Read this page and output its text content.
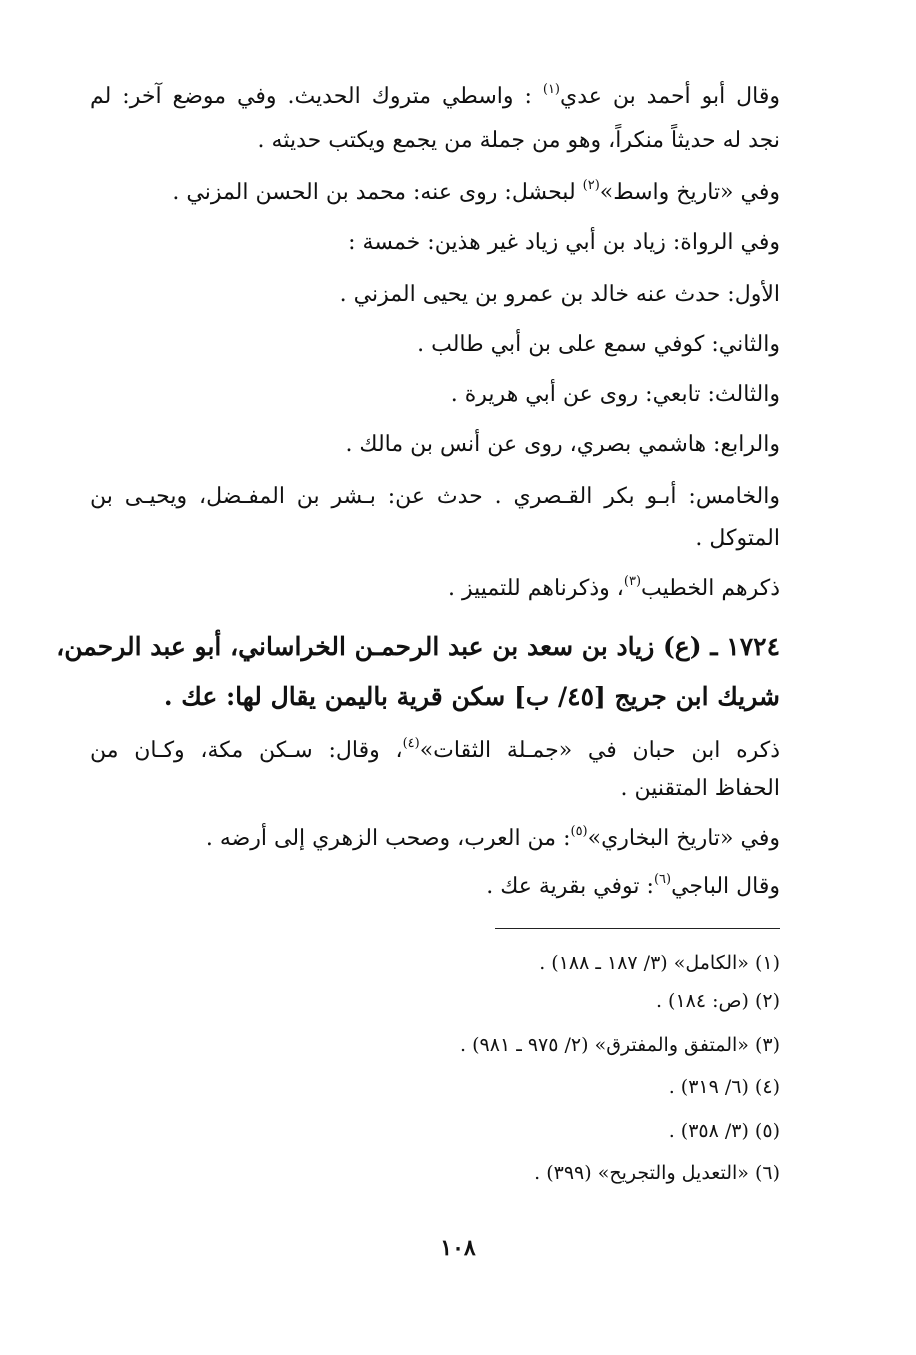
وقال أبو أحمد بن عدي$^{(١)}$ : واسطي متروك الحديث. وفي موضع آخر: لم
نجد له حديثاً منكراً، وهو من جملة من يجمع ويكتب حديثه .
وفي «تاريخ واسط»$^{(٢)}$ لبحشل: روى عنه: محمد بن الحسن المزني .
وفي الرواة: زياد بن أبي زياد غير هذين: خمسة :
الأول: حدث عنه خالد بن عمرو بن يحيى المزني .
والثاني: كوفي سمع على بن أبي طالب .
والثالث: تابعي: روى عن أبي هريرة .
والرابع: هاشمي بصري، روى عن أنس بن مالك .
والخامس: أبـو بكر القـصري . حدث عن: بـشر بن المفـضل، ويحيـى بن
المتوكل .
ذكرهم الخطيب$^{(٣)}$، وذكرناهم للتمييز .
١٧٢٤ ـ (ع) زياد بن سعد بن عبد الرحمـن الخراساني، أبو عبد الرحمن،
شريك ابن جريج [٤٥/ ب] سكن قرية باليمن يقال لها: عك .
ذكره ابن حبان في «جمـلة الثقات»$^{(٤)}$، وقال: سـكن مكة، وكـان من
الحفاظ المتقنين .
وفي «تاريخ البخاري»$^{(٥)}$: من العرب، وصحب الزهري إلى أرضه .
وقال الباجي$^{(٦)}$: توفي بقرية عك .
(١) «الكامل» (٣/ ١٨٧ ـ ١٨٨) .
(٢) (ص: ١٨٤) .
(٣) «المتفق والمفترق» (٢/ ٩٧٥ ـ ٩٨١) .
(٤) (٦/ ٣١٩) .
(٥) (٣/ ٣٥٨) .
(٦) «التعديل والتجريح» (٣٩٩) .
١٠٨
